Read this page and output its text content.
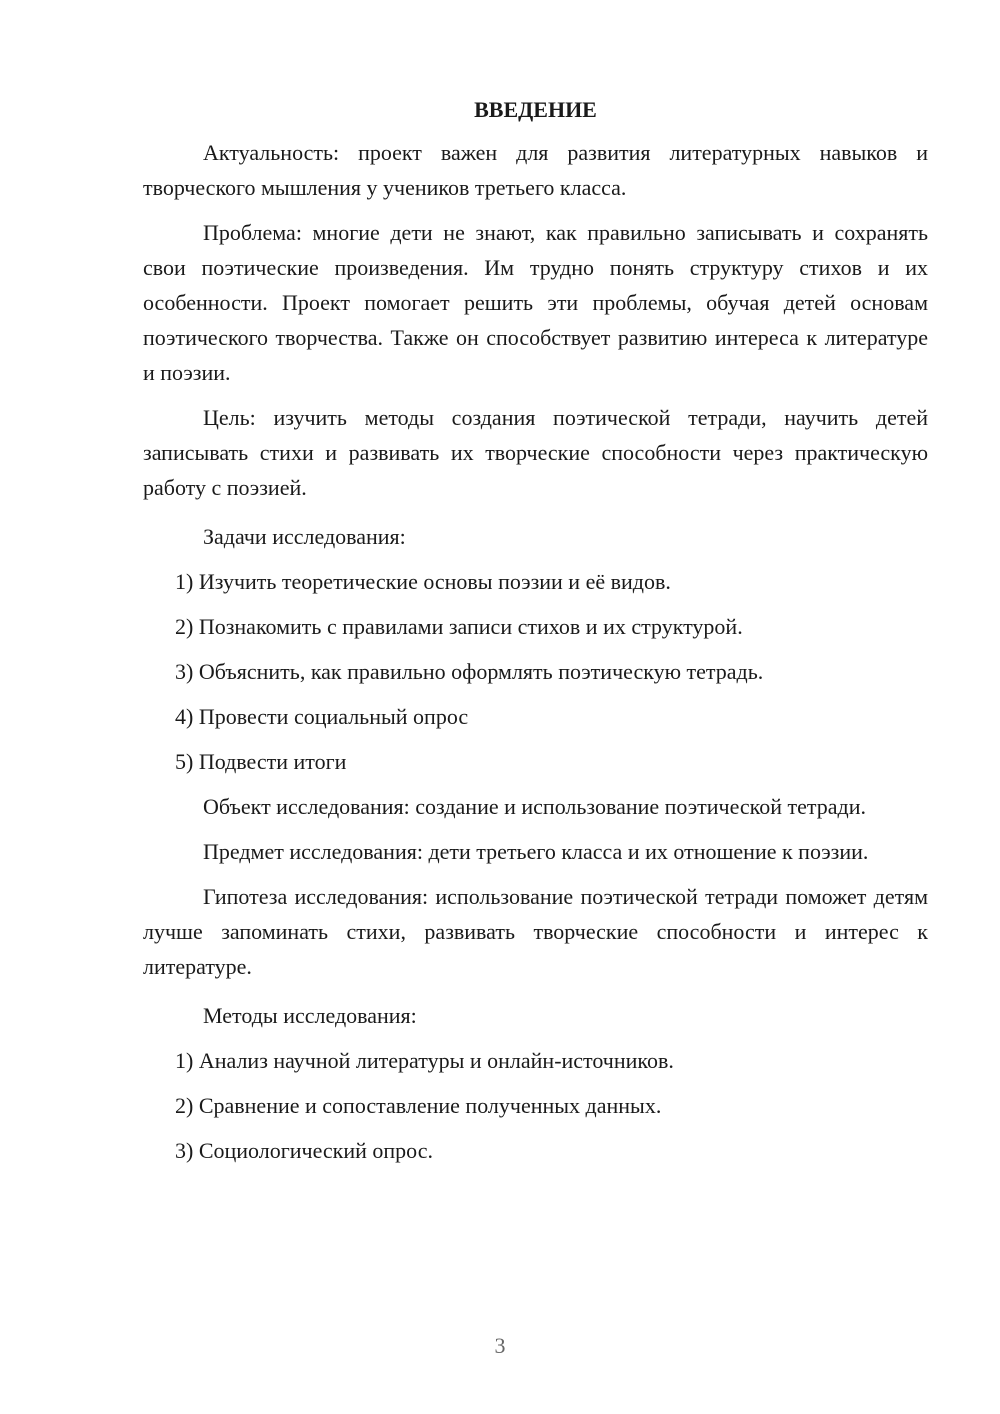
ВВЕДЕНИЕ

Актуальность: проект важен для развития литературных навыков и творческого мышления у учеников третьего класса.

Проблема: многие дети не знают, как правильно записывать и сохранять свои поэтические произведения. Им трудно понять структуру стихов и их особенности. Проект помогает решить эти проблемы, обучая детей основам поэтического творчества. Также он способствует развитию интереса к литературе и поэзии.

Цель: изучить методы создания поэтической тетради, научить детей записывать стихи и развивать их творческие способности через практическую работу с поэзией.

Задачи исследования:

1) Изучить теоретические основы поэзии и её видов.
2) Познакомить с правилами записи стихов и их структурой.
3) Объяснить, как правильно оформлять поэтическую тетрадь.
4) Провести социальный опрос
5) Подвести итоги

Объект исследования: создание и использование поэтической тетради.

Предмет исследования: дети третьего класса и их отношение к поэзии.

Гипотеза исследования: использование поэтической тетради поможет детям лучше запоминать стихи, развивать творческие способности и интерес к литературе.

Методы исследования:

1) Анализ научной литературы и онлайн-источников.
2) Сравнение и сопоставление полученных данных.
3) Социологический опрос.
3
